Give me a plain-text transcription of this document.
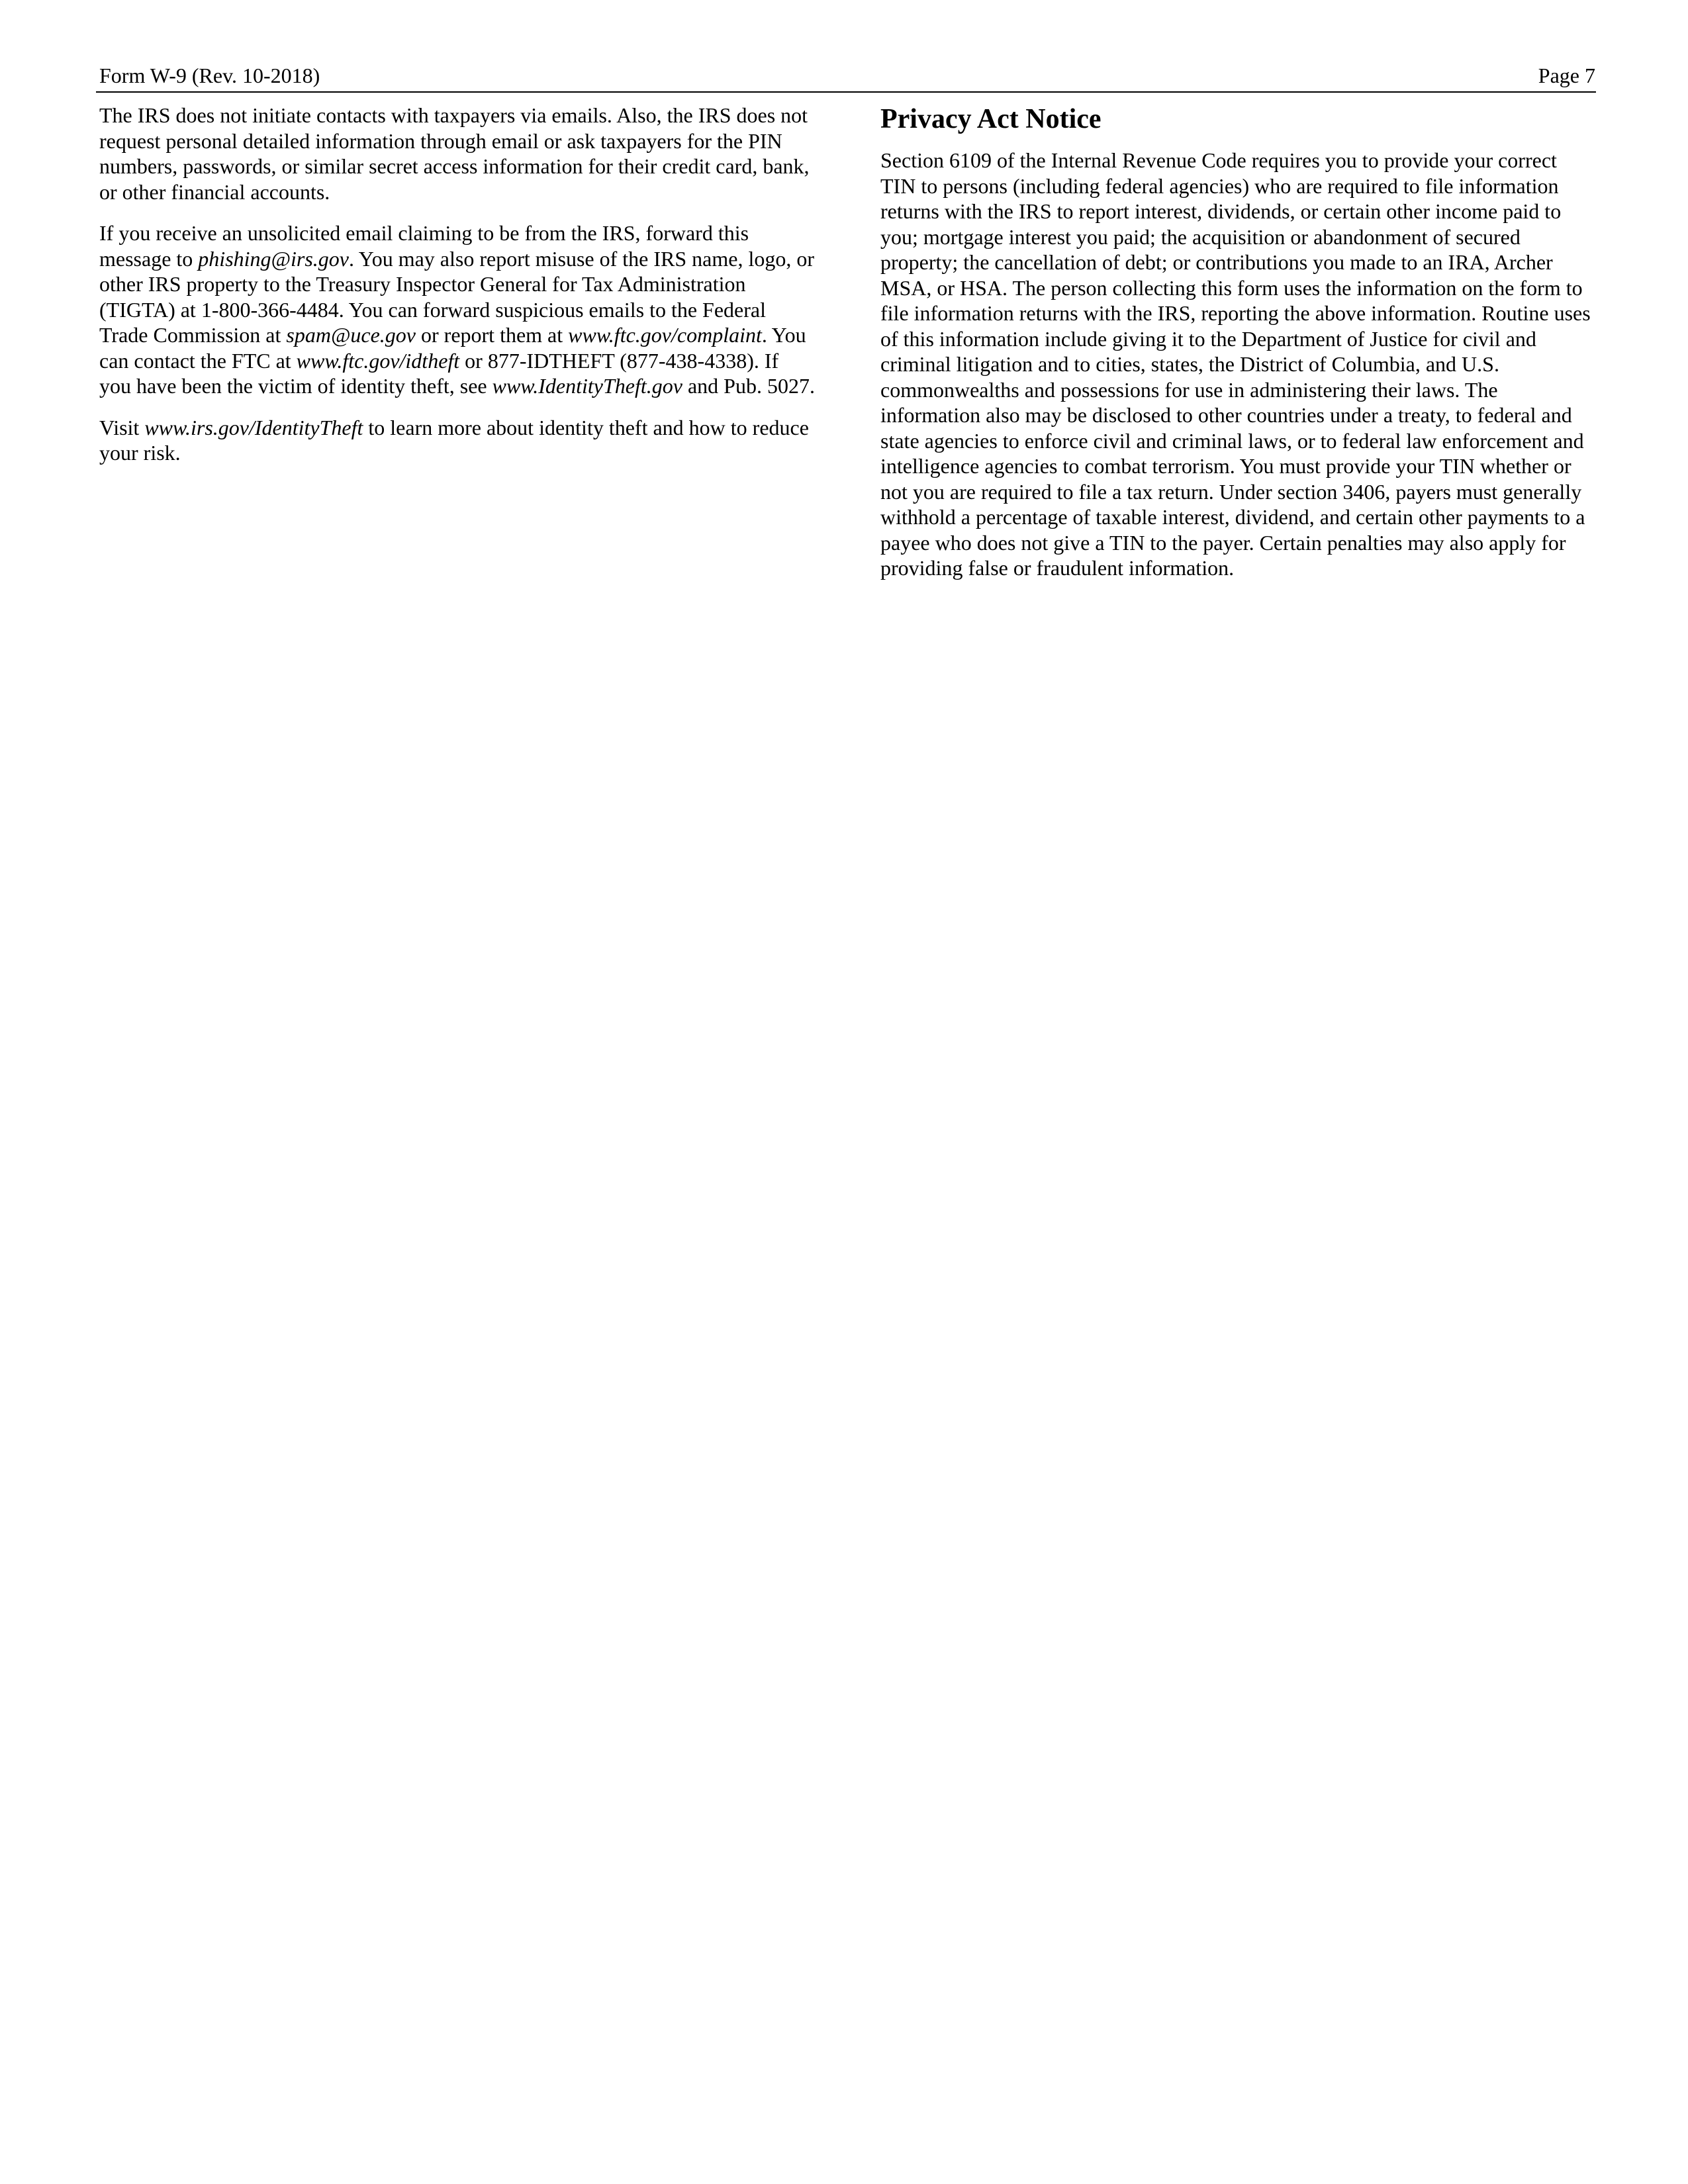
Form W-9 (Rev. 10-2018)	Page 7

The IRS does not initiate contacts with taxpayers via emails. Also, the IRS does not request personal detailed information through email or ask taxpayers for the PIN numbers, passwords, or similar secret access information for their credit card, bank, or other financial accounts.

If you receive an unsolicited email claiming to be from the IRS, forward this message to phishing@irs.gov. You may also report misuse of the IRS name, logo, or other IRS property to the Treasury Inspector General for Tax Administration (TIGTA) at 1-800-366-4484. You can forward suspicious emails to the Federal Trade Commission at spam@uce.gov or report them at www.ftc.gov/complaint. You can contact the FTC at www.ftc.gov/idtheft or 877-IDTHEFT (877-438-4338). If you have been the victim of identity theft, see www.IdentityTheft.gov and Pub. 5027.

Visit www.irs.gov/IdentityTheft to learn more about identity theft and how to reduce your risk.

Privacy Act Notice

Section 6109 of the Internal Revenue Code requires you to provide your correct TIN to persons (including federal agencies) who are required to file information returns with the IRS to report interest, dividends, or certain other income paid to you; mortgage interest you paid; the acquisition or abandonment of secured property; the cancellation of debt; or contributions you made to an IRA, Archer MSA, or HSA. The person collecting this form uses the information on the form to file information returns with the IRS, reporting the above information. Routine uses of this information include giving it to the Department of Justice for civil and criminal litigation and to cities, states, the District of Columbia, and U.S. commonwealths and possessions for use in administering their laws. The information also may be disclosed to other countries under a treaty, to federal and state agencies to enforce civil and criminal laws, or to federal law enforcement and intelligence agencies to combat terrorism. You must provide your TIN whether or not you are required to file a tax return. Under section 3406, payers must generally withhold a percentage of taxable interest, dividend, and certain other payments to a payee who does not give a TIN to the payer. Certain penalties may also apply for providing false or fraudulent information.
